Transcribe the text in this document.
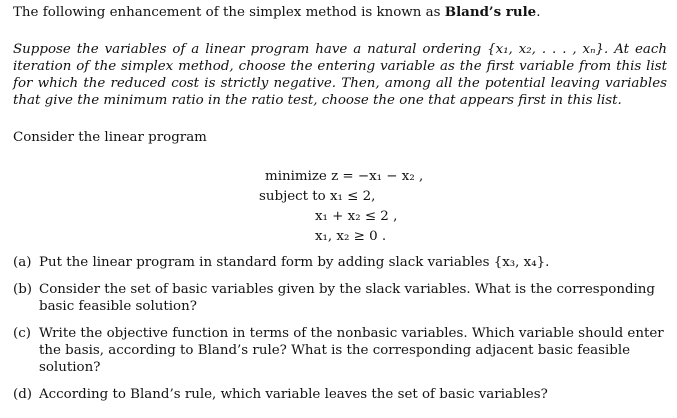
The following enhancement of the simplex method is known as Bland’s rule.

Suppose the variables of a linear program have a natural ordering {x₁, x₂, . . . , xₙ}. At each iteration of the simplex method, choose the entering variable as the first variable from this list for which the reduced cost is strictly negative. Then, among all the potential leaving variables that give the minimum ratio in the ratio test, choose the one that appears first in this list.

Consider the linear program

minimize z = −x₁ − x₂ ,
subject to x₁ ≤ 2,
x₁ + x₂ ≤ 2 ,
x₁, x₂ ≥ 0 .
(a) Put the linear program in standard form by adding slack variables {x₃, x₄}.
(b) Consider the set of basic variables given by the slack variables. What is the corresponding basic feasible solution?
(c) Write the objective function in terms of the nonbasic variables. Which variable should enter the basis, according to Bland’s rule? What is the corresponding adjacent basic feasible solution?
(d) According to Bland’s rule, which variable leaves the set of basic variables?
